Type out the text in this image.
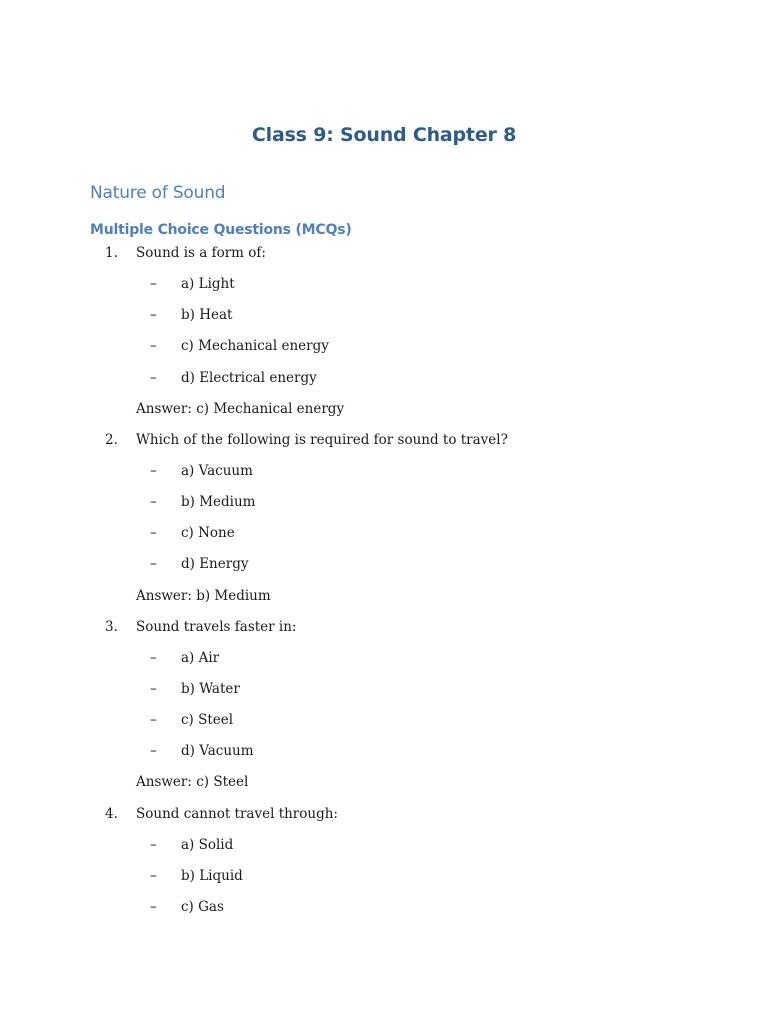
Class 9: Sound Chapter 8
Nature of Sound
Multiple Choice Questions (MCQs)
1. Sound is a form of:
– a) Light
– b) Heat
– c) Mechanical energy
– d) Electrical energy
Answer: c) Mechanical energy
2. Which of the following is required for sound to travel?
– a) Vacuum
– b) Medium
– c) None
– d) Energy
Answer: b) Medium
3. Sound travels faster in:
– a) Air
– b) Water
– c) Steel
– d) Vacuum
Answer: c) Steel
4. Sound cannot travel through:
– a) Solid
– b) Liquid
– c) Gas
